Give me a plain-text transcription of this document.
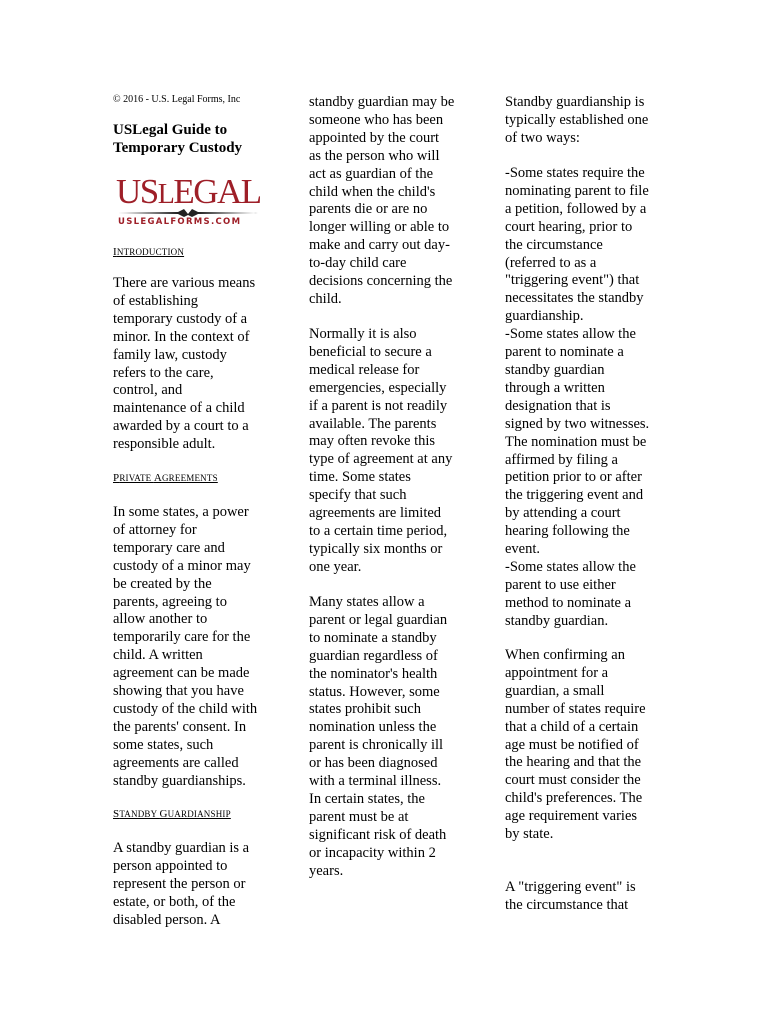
© 2016 - U.S. Legal Forms, Inc
USLegal Guide to
Temporary Custody
USLEGAL
USLEGALFORMS.COM
INTRODUCTION

There are various means
of establishing
temporary custody of a
minor. In the context of
family law, custody
refers to the care,
control, and
maintenance of a child
awarded by a court to a
responsible adult.

PRIVATE AGREEMENTS

In some states, a power
of attorney for
temporary care and
custody of a minor may
be created by the
parents, agreeing to
allow another to
temporarily care for the
child. A written
agreement can be made
showing that you have
custody of the child with
the parents' consent. In
some states, such
agreements are called
standby guardianships.

STANDBY GUARDIANSHIP

A standby guardian is a
person appointed to
represent the person or
estate, or both, of the
disabled person. A

standby guardian may be
someone who has been
appointed by the court
as the person who will
act as guardian of the
child when the child's
parents die or are no
longer willing or able to
make and carry out day-
to-day child care
decisions concerning the
child.

Normally it is also
beneficial to secure a
medical release for
emergencies, especially
if a parent is not readily
available. The parents
may often revoke this
type of agreement at any
time. Some states
specify that such
agreements are limited
to a certain time period,
typically six months or
one year.

Many states allow a
parent or legal guardian
to nominate a standby
guardian regardless of
the nominator's health
status. However, some
states prohibit such
nomination unless the
parent is chronically ill
or has been diagnosed
with a terminal illness.
In certain states, the
parent must be at
significant risk of death
or incapacity within 2
years.

Standby guardianship is
typically established one
of two ways:

-Some states require the
nominating parent to file
a petition, followed by a
court hearing, prior to
the circumstance
(referred to as a
"triggering event") that
necessitates the standby
guardianship.
-Some states allow the
parent to nominate a
standby guardian
through a written
designation that is
signed by two witnesses.
The nomination must be
affirmed by filing a
petition prior to or after
the triggering event and
by attending a court
hearing following the
event.
-Some states allow the
parent to use either
method to nominate a
standby guardian.

When confirming an
appointment for a
guardian, a small
number of states require
that a child of a certain
age must be notified of
the hearing and that the
court must consider the
child's preferences. The
age requirement varies
by state.

A "triggering event" is
the circumstance that
